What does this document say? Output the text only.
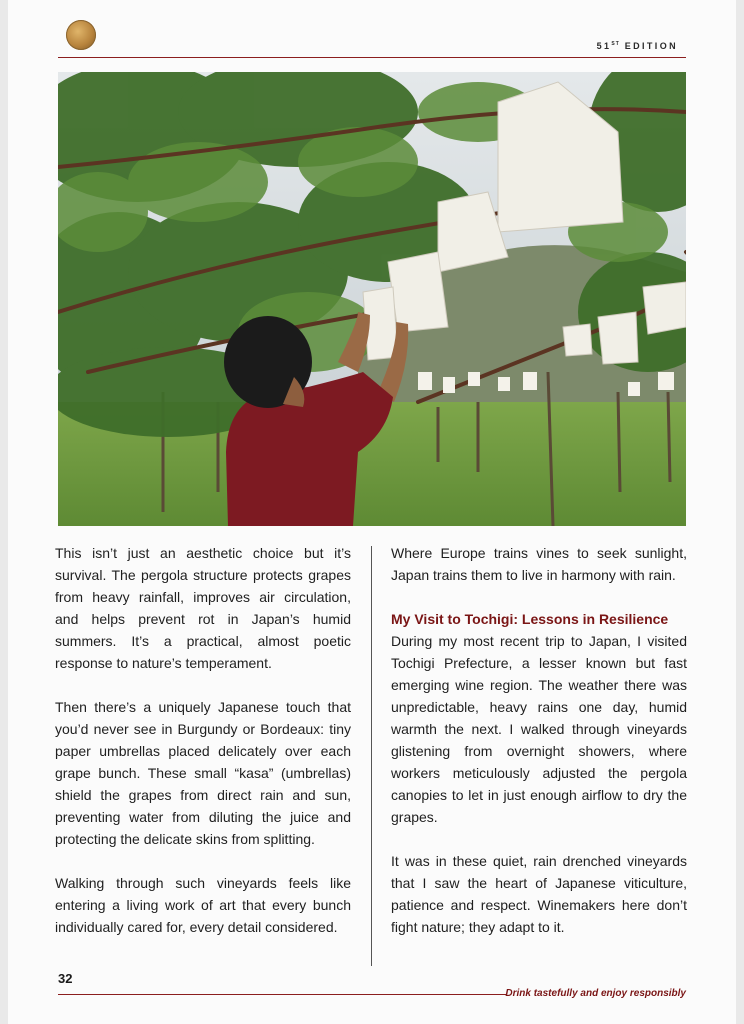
51ST EDITION

This isn’t just an aesthetic choice but it’s survival. The pergola structure protects grapes from heavy rainfall, improves air circulation, and helps prevent rot in Japan’s humid summers. It’s a practical, almost poetic response to nature’s temperament.

Then there’s a uniquely Japanese touch that you’d never see in Burgundy or Bordeaux: tiny paper umbrellas placed delicately over each grape bunch. These small “kasa” (umbrellas) shield the grapes from direct rain and sun, preventing water from diluting the juice and protecting the delicate skins from splitting.

Walking through such vineyards feels like entering a living work of art that every bunch individually cared for, every detail considered.

Where Europe trains vines to seek sunlight, Japan trains them to live in harmony with rain.

My Visit to Tochigi: Lessons in Resilience

During my most recent trip to Japan, I visited Tochigi Prefecture, a lesser known but fast emerging wine region. The weather there was unpredictable, heavy rains one day, humid warmth the next. I walked through vineyards glistening from overnight showers, where workers meticulously adjusted the pergola canopies to let in just enough airflow to dry the grapes.

It was in these quiet, rain drenched vineyards that I saw the heart of Japanese viticulture, patience and respect. Winemakers here don’t fight nature; they adapt to it.

32
Drink tastefully and enjoy responsibly
